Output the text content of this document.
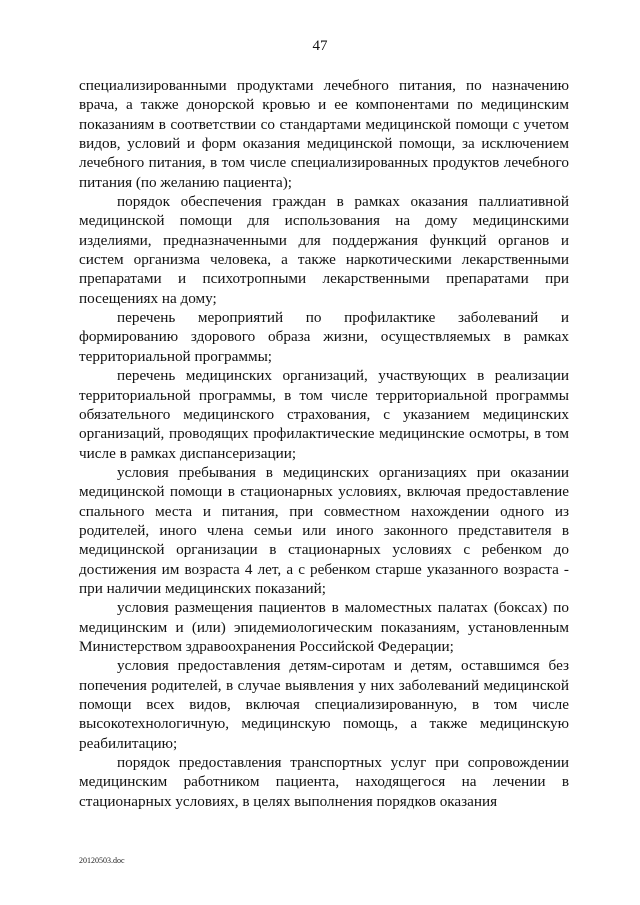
47

специализированными продуктами лечебного питания, по назначению врача, а также донорской кровью и ее компонентами по медицинским показаниям в соответствии со стандартами медицинской помощи с учетом видов, условий и форм оказания медицинской помощи, за исключением лечебного питания, в том числе специализированных продуктов лечебного питания (по желанию пациента);

порядок обеспечения граждан в рамках оказания паллиативной медицинской помощи для использования на дому медицинскими изделиями, предназначенными для поддержания функций органов и систем организма человека, а также наркотическими лекарственными препаратами и психотропными лекарственными препаратами при посещениях на дому;

перечень мероприятий по профилактике заболеваний и формированию здорового образа жизни, осуществляемых в рамках территориальной программы;

перечень медицинских организаций, участвующих в реализации территориальной программы, в том числе территориальной программы обязательного медицинского страхования, с указанием медицинских организаций, проводящих профилактические медицинские осмотры, в том числе в рамках диспансеризации;

условия пребывания в медицинских организациях при оказании медицинской помощи в стационарных условиях, включая предоставление спального места и питания, при совместном нахождении одного из родителей, иного члена семьи или иного законного представителя в медицинской организации в стационарных условиях с ребенком до достижения им возраста 4 лет, а с ребенком старше указанного возраста - при наличии медицинских показаний;

условия размещения пациентов в маломестных палатах (боксах) по медицинским и (или) эпидемиологическим показаниям, установленным Министерством здравоохранения Российской Федерации;

условия предоставления детям-сиротам и детям, оставшимся без попечения родителей, в случае выявления у них заболеваний медицинской помощи всех видов, включая специализированную, в том числе высокотехнологичную, медицинскую помощь, а также медицинскую реабилитацию;

порядок предоставления транспортных услуг при сопровождении медицинским работником пациента, находящегося на лечении в стационарных условиях, в целях выполнения порядков оказания

20120503.doc
